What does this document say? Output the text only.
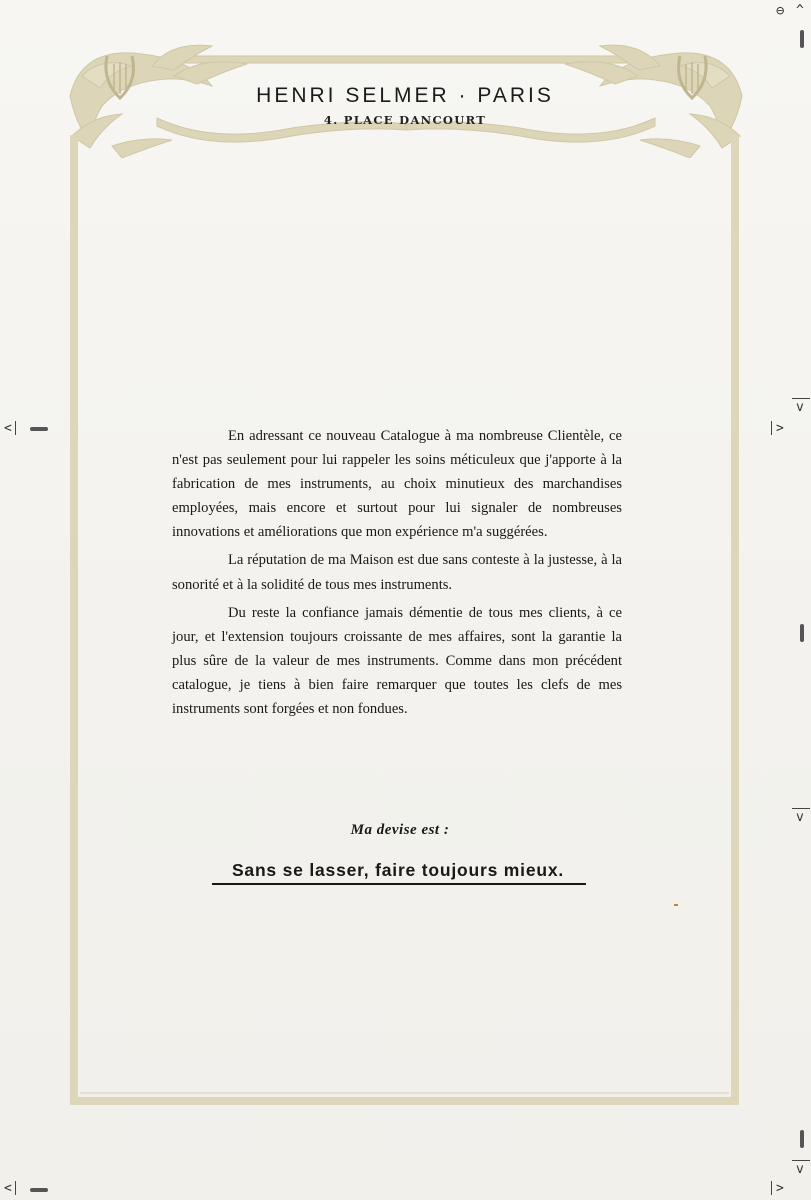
HENRI SELMER · PARIS
4. PLACE DANCOURT

En adressant ce nouveau Catalogue à ma nombreuse Clientèle, ce n'est pas seulement pour lui rappeler les soins méticuleux que j'apporte à la fabrication de mes instruments, au choix minutieux des marchandises employées, mais encore et surtout pour lui signaler de nombreuses innovations et améliorations que mon expérience m'a suggérées.

La réputation de ma Maison est due sans conteste à la justesse, à la sonorité et à la solidité de tous mes instruments.

Du reste la confiance jamais démentie de tous mes clients, à ce jour, et l'extension toujours croissante de mes affaires, sont la garantie la plus sûre de la valeur de mes instruments. Comme dans mon précédent catalogue, je tiens à bien faire remarquer que toutes les clefs de mes instruments sont forgées et non fondues.

Ma devise est :
Sans se lasser, faire toujours mieux.
⊖ ^
v
<	>
v
v
<	>
